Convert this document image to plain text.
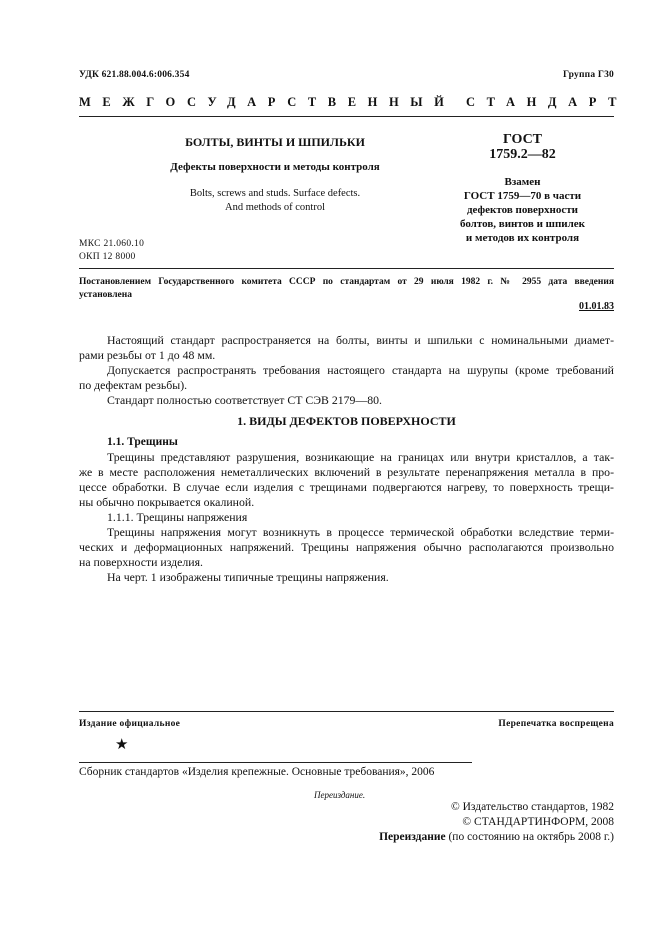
УДК 621.88.004.6:006.354	Группа Г30
МЕЖГОСУДАРСТВЕННЫЙ СТАНДАРТ
БОЛТЫ, ВИНТЫ И ШПИЛЬКИ
Дефекты поверхности и методы контроля
Bolts, screws and studs. Surface defects.
And methods of control
ГОСТ
1759.2—82
Взамен
ГОСТ 1759—70 в части
дефектов поверхности
болтов, винтов и шпилек
и методов их контроля
МКС 21.060.10
ОКП 12 8000
Постановлением Государственного комитета СССР по стандартам от 29 июля 1982 г. № 2955 дата введения
установлена
01.01.83
Настоящий стандарт распространяется на болты, винты и шпильки с номинальными диамет-
рами резьбы от 1 до 48 мм.
Допускается распространять требования настоящего стандарта на шурупы (кроме требований
по дефектам резьбы).
Стандарт полностью соответствует СТ СЭВ 2179—80.
1. ВИДЫ ДЕФЕКТОВ ПОВЕРХНОСТИ
1.1. Трещины
Трещины представляют разрушения, возникающие на границах или внутри кристаллов, а так-
же в месте расположения неметаллических включений в результате перенапряжения металла в про-
цессе обработки. В случае если изделия с трещинами подвергаются нагреву, то поверхность трещи-
ны обычно покрывается окалиной.
1.1.1. Трещины напряжения
Трещины напряжения могут возникнуть в процессе термической обработки вследствие терми-
ческих и деформационных напряжений. Трещины напряжения обычно располагаются произвольно
на поверхности изделия.
На черт. 1 изображены типичные трещины напряжения.
Издание официальное	Перепечатка воспрещена
★
Сборник стандартов «Изделия крепежные. Основные требования», 2006
Переиздание.
© Издательство стандартов, 1982
© СТАНДАРТИНФОРМ, 2008
Переиздание (по состоянию на октябрь 2008 г.)
